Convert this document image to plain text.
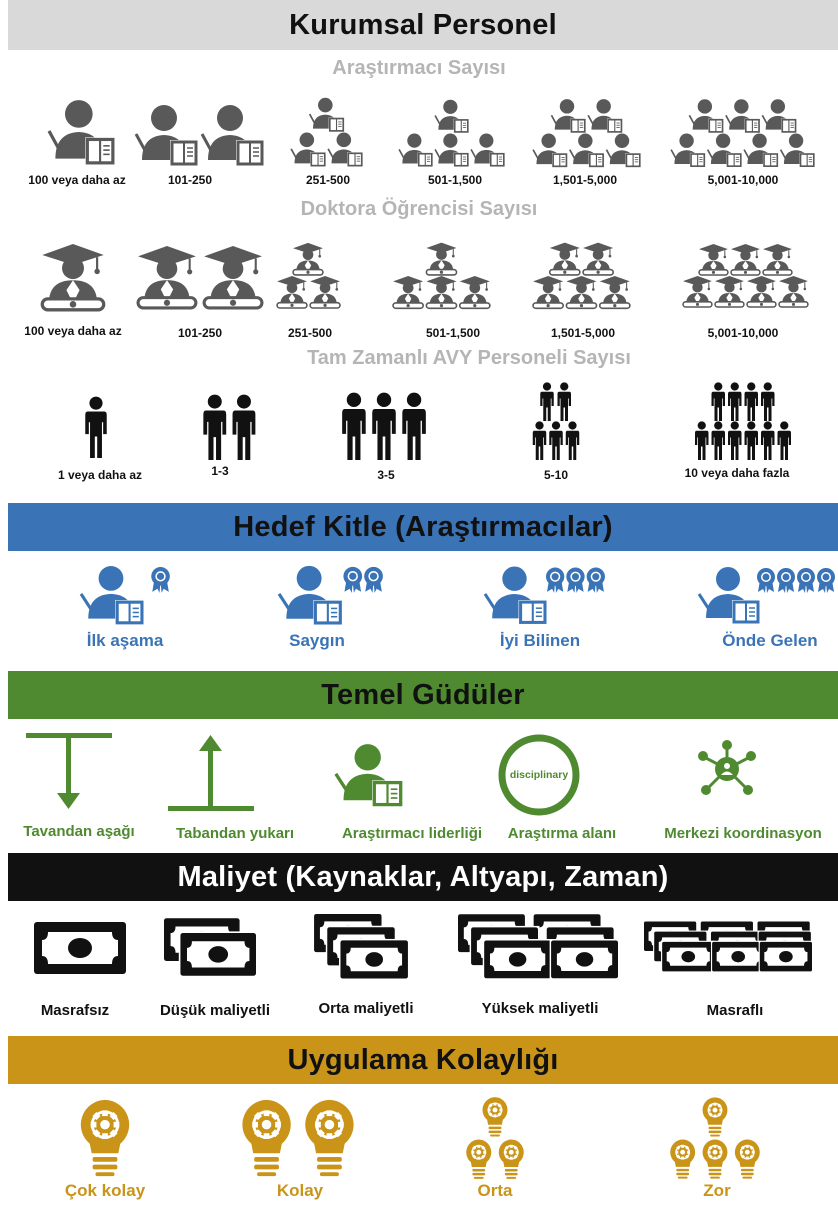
Kurumsal Personel
Araştırmacı Sayısı
100 veya daha az	101-250	251-500	501-1,500	1,501-5,000	5,001-10,000
Doktora Öğrencisi Sayısı
100 veya daha az	101-250	251-500	501-1,500	1,501-5,000	5,001-10,000
Tam Zamanlı AVY Personeli Sayısı
1 veya daha az	1-3	3-5	5-10	10 veya daha fazla
Hedef Kitle (Araştırmacılar)
İlk aşama	Saygın	İyi Bilinen	Önde Gelen
Temel Güdüler
disciplinary
Tavandan aşağı	Tabandan yukarı	Araştırmacı liderliği	Araştırma alanı	Merkezi koordinasyon
Maliyet (Kaynaklar, Altyapı, Zaman)
Masrafsız	Düşük maliyetli	Orta maliyetli	Yüksek maliyetli	Masraflı
Uygulama Kolaylığı
Çok kolay	Kolay	Orta	Zor
